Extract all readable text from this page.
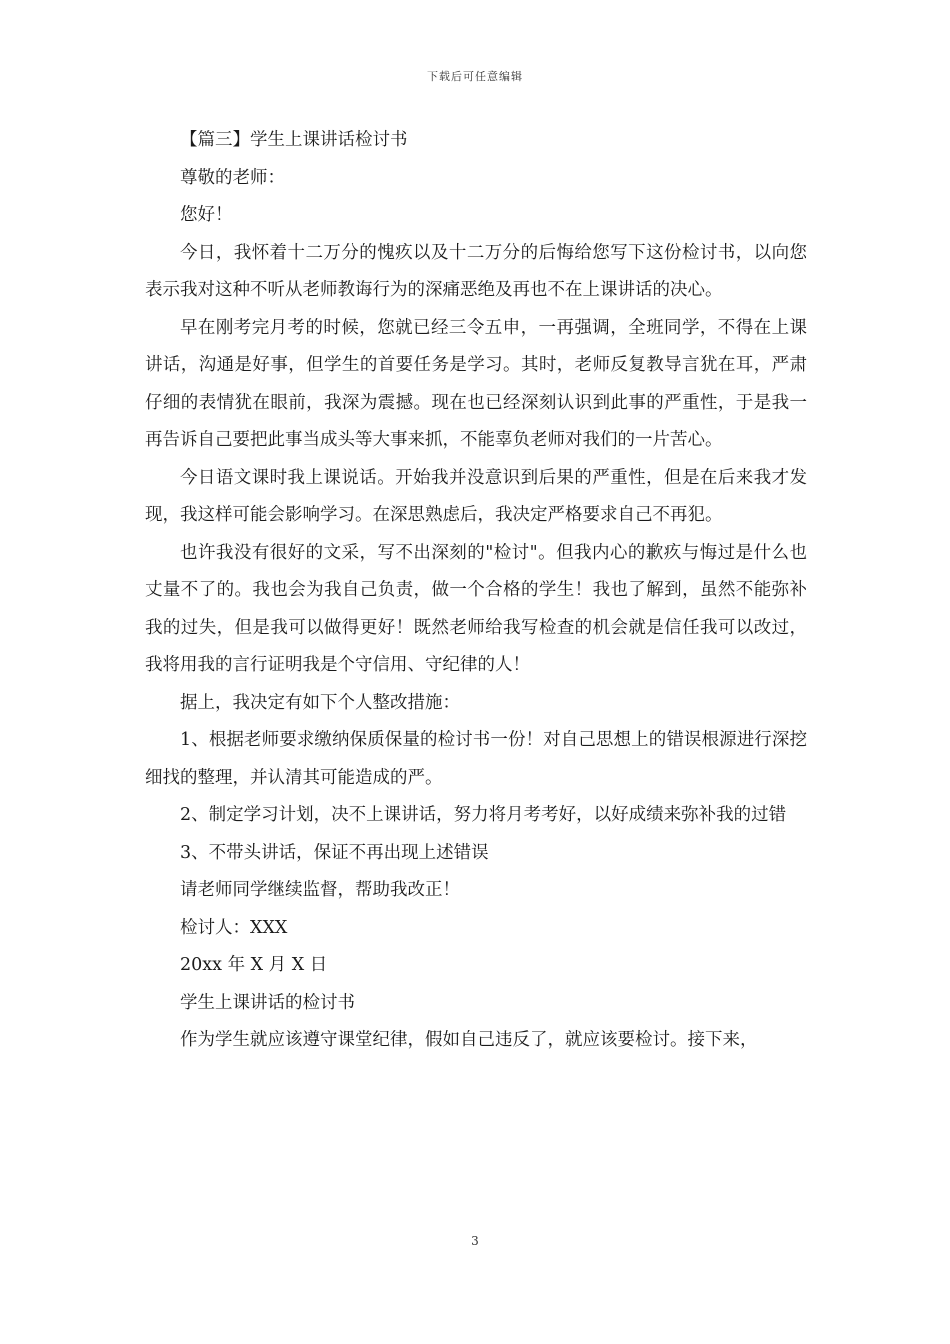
下载后可任意编辑

【篇三】学生上课讲话检讨书

尊敬的老师：

您好！

今日，我怀着十二万分的愧疚以及十二万分的后悔给您写下这份检讨书，以向您表示我对这种不听从老师教诲行为的深痛恶绝及再也不在上课讲话的决心。

早在刚考完月考的时候，您就已经三令五申，一再强调，全班同学，不得在上课讲话，沟通是好事，但学生的首要任务是学习。其时，老师反复教导言犹在耳，严肃仔细的表情犹在眼前，我深为震撼。现在也已经深刻认识到此事的严重性，于是我一再告诉自己要把此事当成头等大事来抓，不能辜负老师对我们的一片苦心。

今日语文课时我上课说话。开始我并没意识到后果的严重性，但是在后来我才发现，我这样可能会影响学习。在深思熟虑后，我决定严格要求自己不再犯。

也许我没有很好的文采，写不出深刻的"检讨"。但我内心的歉疚与悔过是什么也丈量不了的。我也会为我自己负责，做一个合格的学生！我也了解到，虽然不能弥补我的过失，但是我可以做得更好！既然老师给我写检查的机会就是信任我可以改过，我将用我的言行证明我是个守信用、守纪律的人！

据上，我决定有如下个人整改措施：

1、根据老师要求缴纳保质保量的检讨书一份！对自己思想上的错误根源进行深挖细找的整理，并认清其可能造成的严。

2、制定学习计划，决不上课讲话，努力将月考考好，以好成绩来弥补我的过错

3、不带头讲话，保证不再出现上述错误

请老师同学继续监督，帮助我改正！

检讨人：XXX

20xx 年 X 月 X 日

学生上课讲话的检讨书

作为学生就应该遵守课堂纪律，假如自己违反了，就应该要检讨。接下来，

3
